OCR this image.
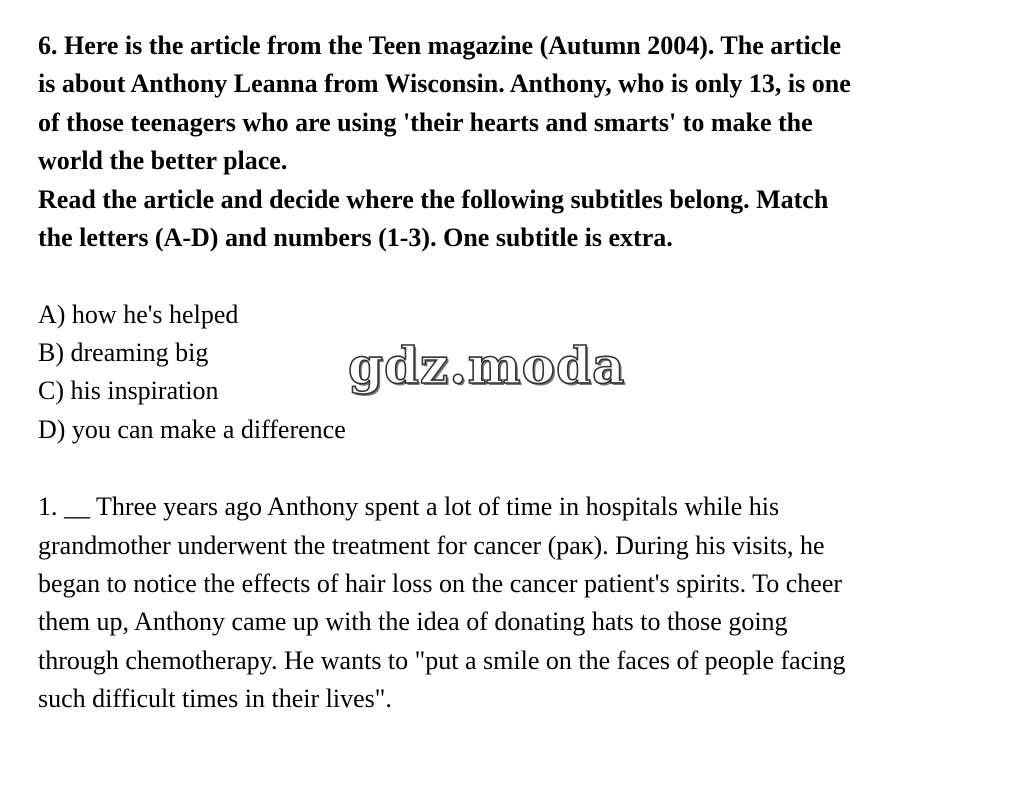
6. Here is the article from the Teen magazine (Autumn 2004). The article
is about Anthony Leanna from Wisconsin. Anthony, who is only 13, is one
of those teenagers who are using 'their hearts and smarts' to make the
world the better place.
Read the article and decide where the following subtitles belong. Match
the letters (A-D) and numbers (1-3). One subtitle is extra.
A) how he's helped
B) dreaming big
C) his inspiration
D) you can make a difference
gdz.moda
1. __ Three years ago Anthony spent a lot of time in hospitals while his
grandmother underwent the treatment for cancer (рак). During his visits, he
began to notice the effects of hair loss on the cancer patient's spirits. To cheer
them up, Anthony came up with the idea of donating hats to those going
through chemotherapy. He wants to "put a smile on the faces of people facing
such difficult times in their lives".
